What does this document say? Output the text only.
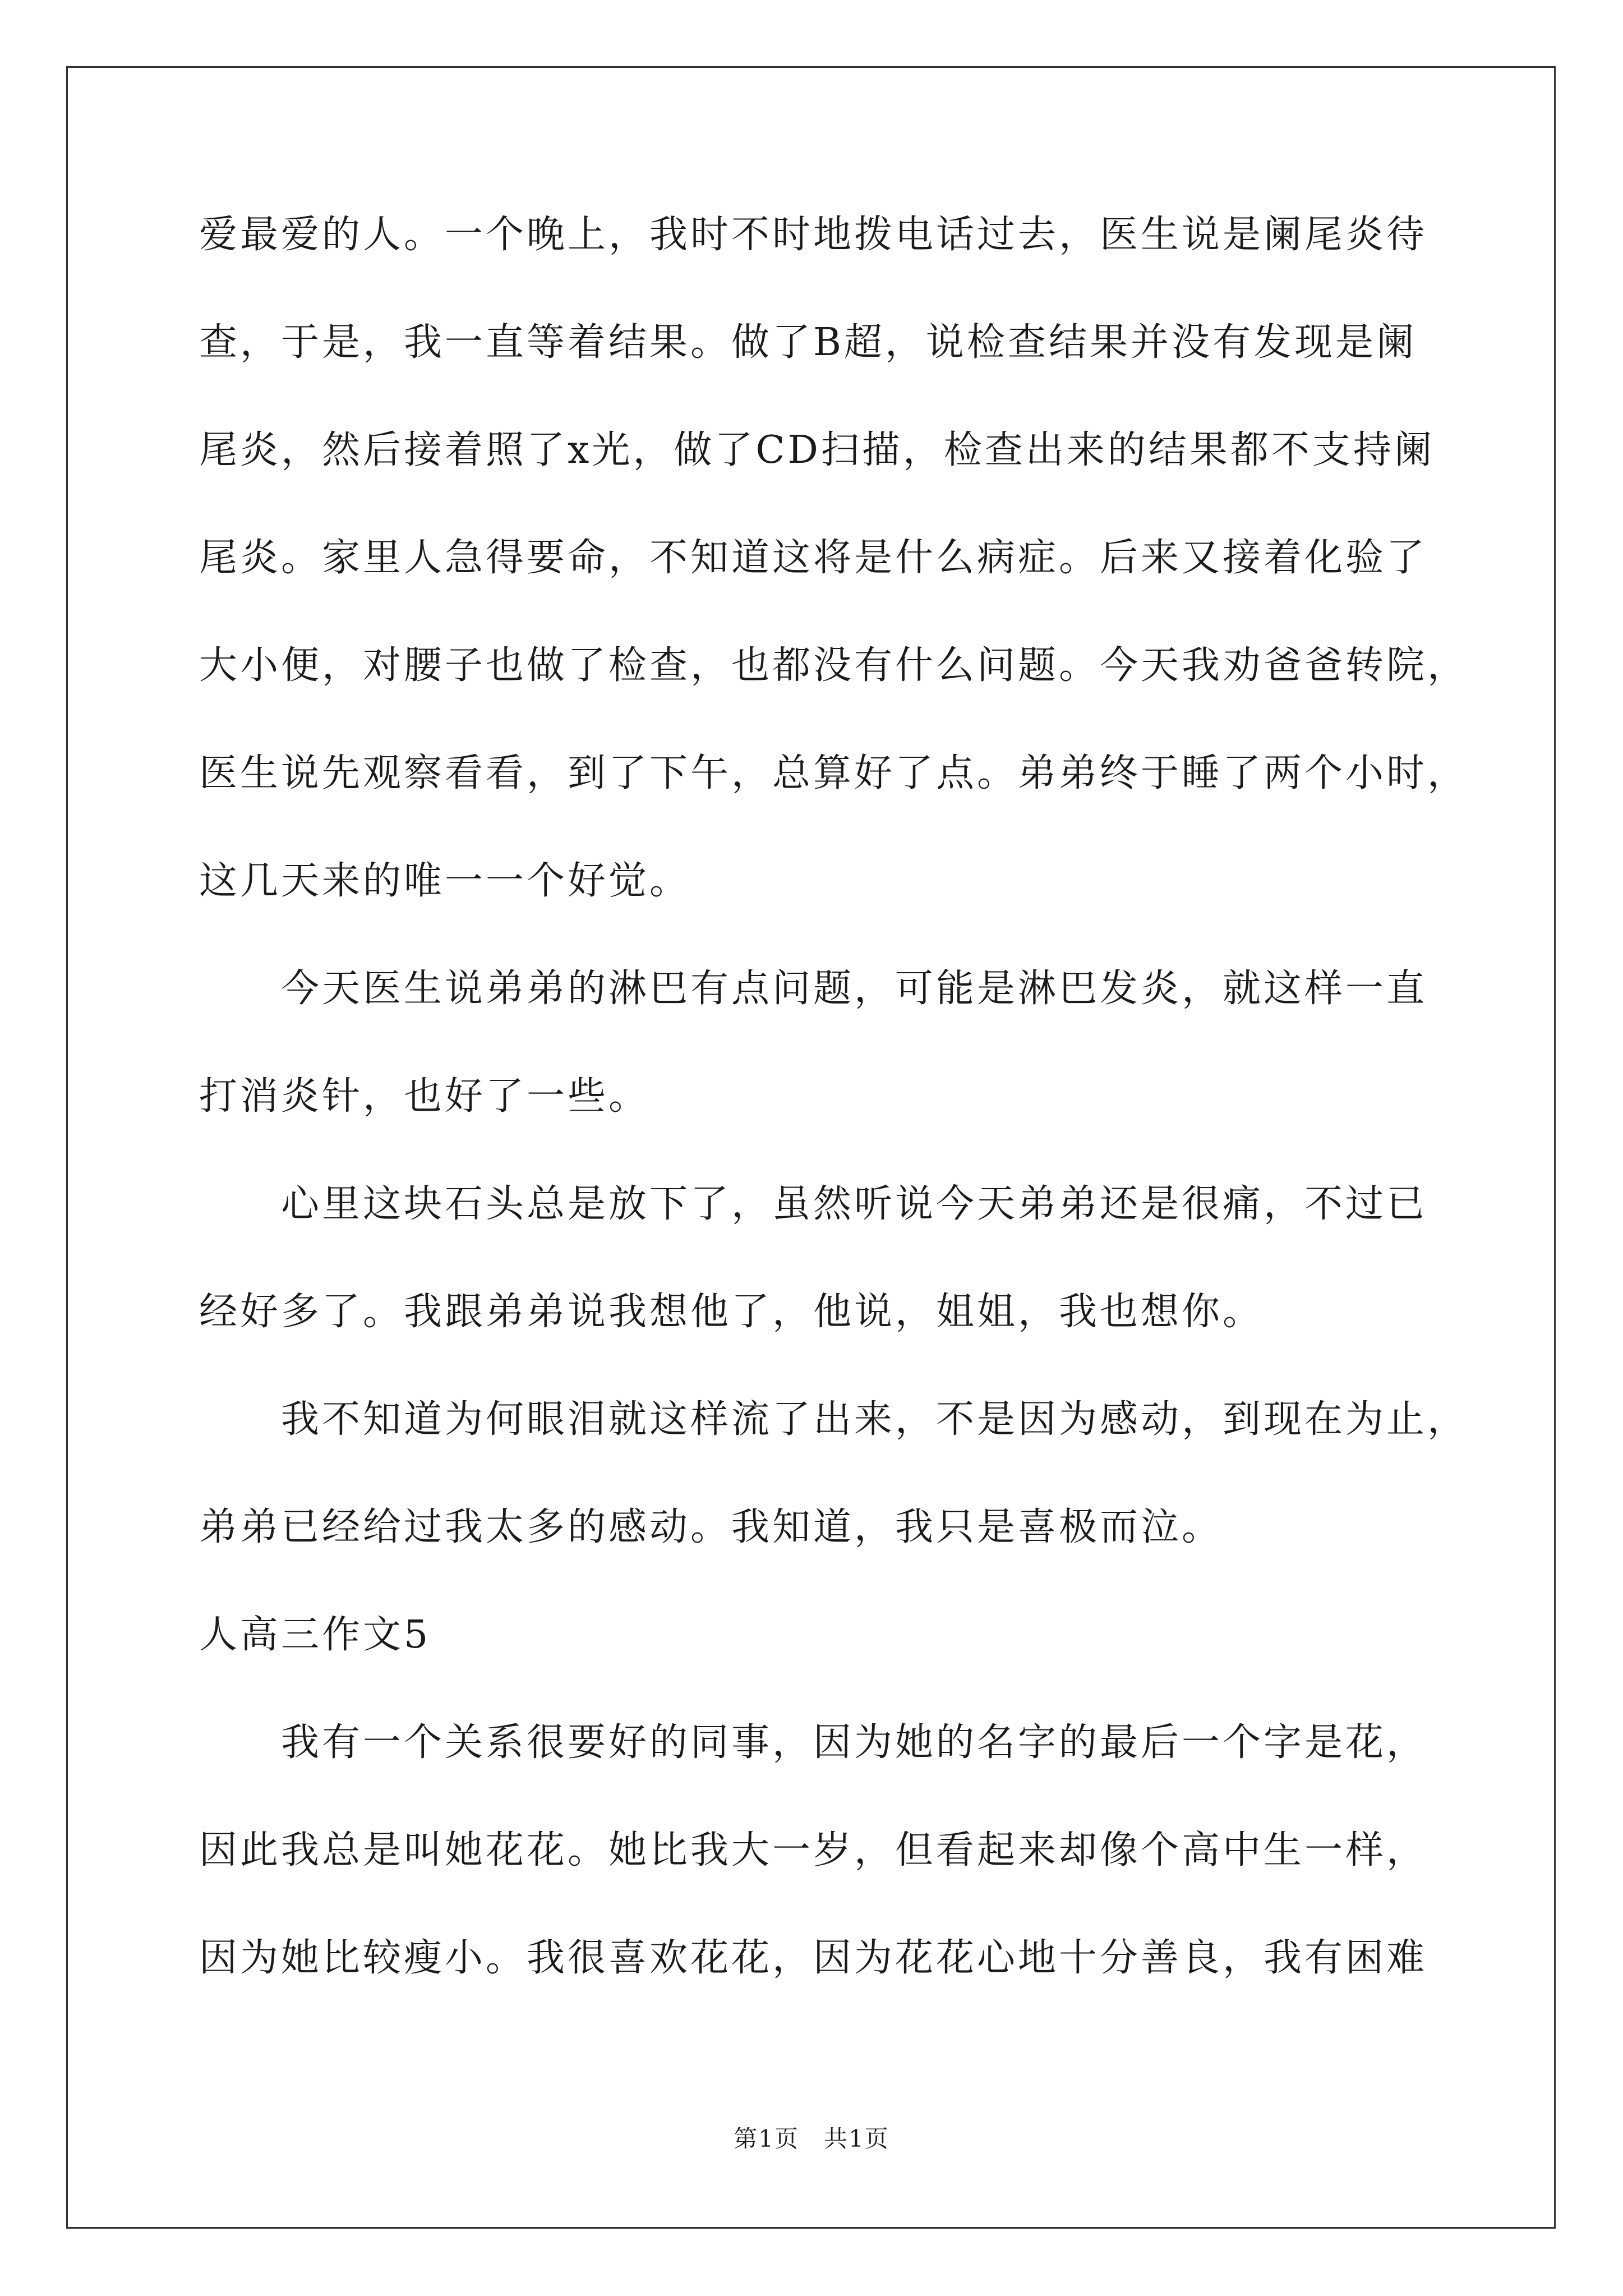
爱最爱的人。一个晚上，我时不时地拨电话过去，医生说是阑尾炎待
查，于是，我一直等着结果。做了B超，说检查结果并没有发现是阑
尾炎，然后接着照了x光，做了CD扫描，检查出来的结果都不支持阑
尾炎。家里人急得要命，不知道这将是什么病症。后来又接着化验了
大小便，对腰子也做了检查，也都没有什么问题。今天我劝爸爸转院，
医生说先观察看看，到了下午，总算好了点。弟弟终于睡了两个小时，
这几天来的唯一一个好觉。
今天医生说弟弟的淋巴有点问题，可能是淋巴发炎，就这样一直
打消炎针，也好了一些。
心里这块石头总是放下了，虽然听说今天弟弟还是很痛，不过已
经好多了。我跟弟弟说我想他了，他说，姐姐，我也想你。
我不知道为何眼泪就这样流了出来，不是因为感动，到现在为止，
弟弟已经给过我太多的感动。我知道，我只是喜极而泣。
人高三作文5
我有一个关系很要好的同事，因为她的名字的最后一个字是花，
因此我总是叫她花花。她比我大一岁，但看起来却像个高中生一样，
因为她比较瘦小。我很喜欢花花，因为花花心地十分善良，我有困难
第1页　共1页
